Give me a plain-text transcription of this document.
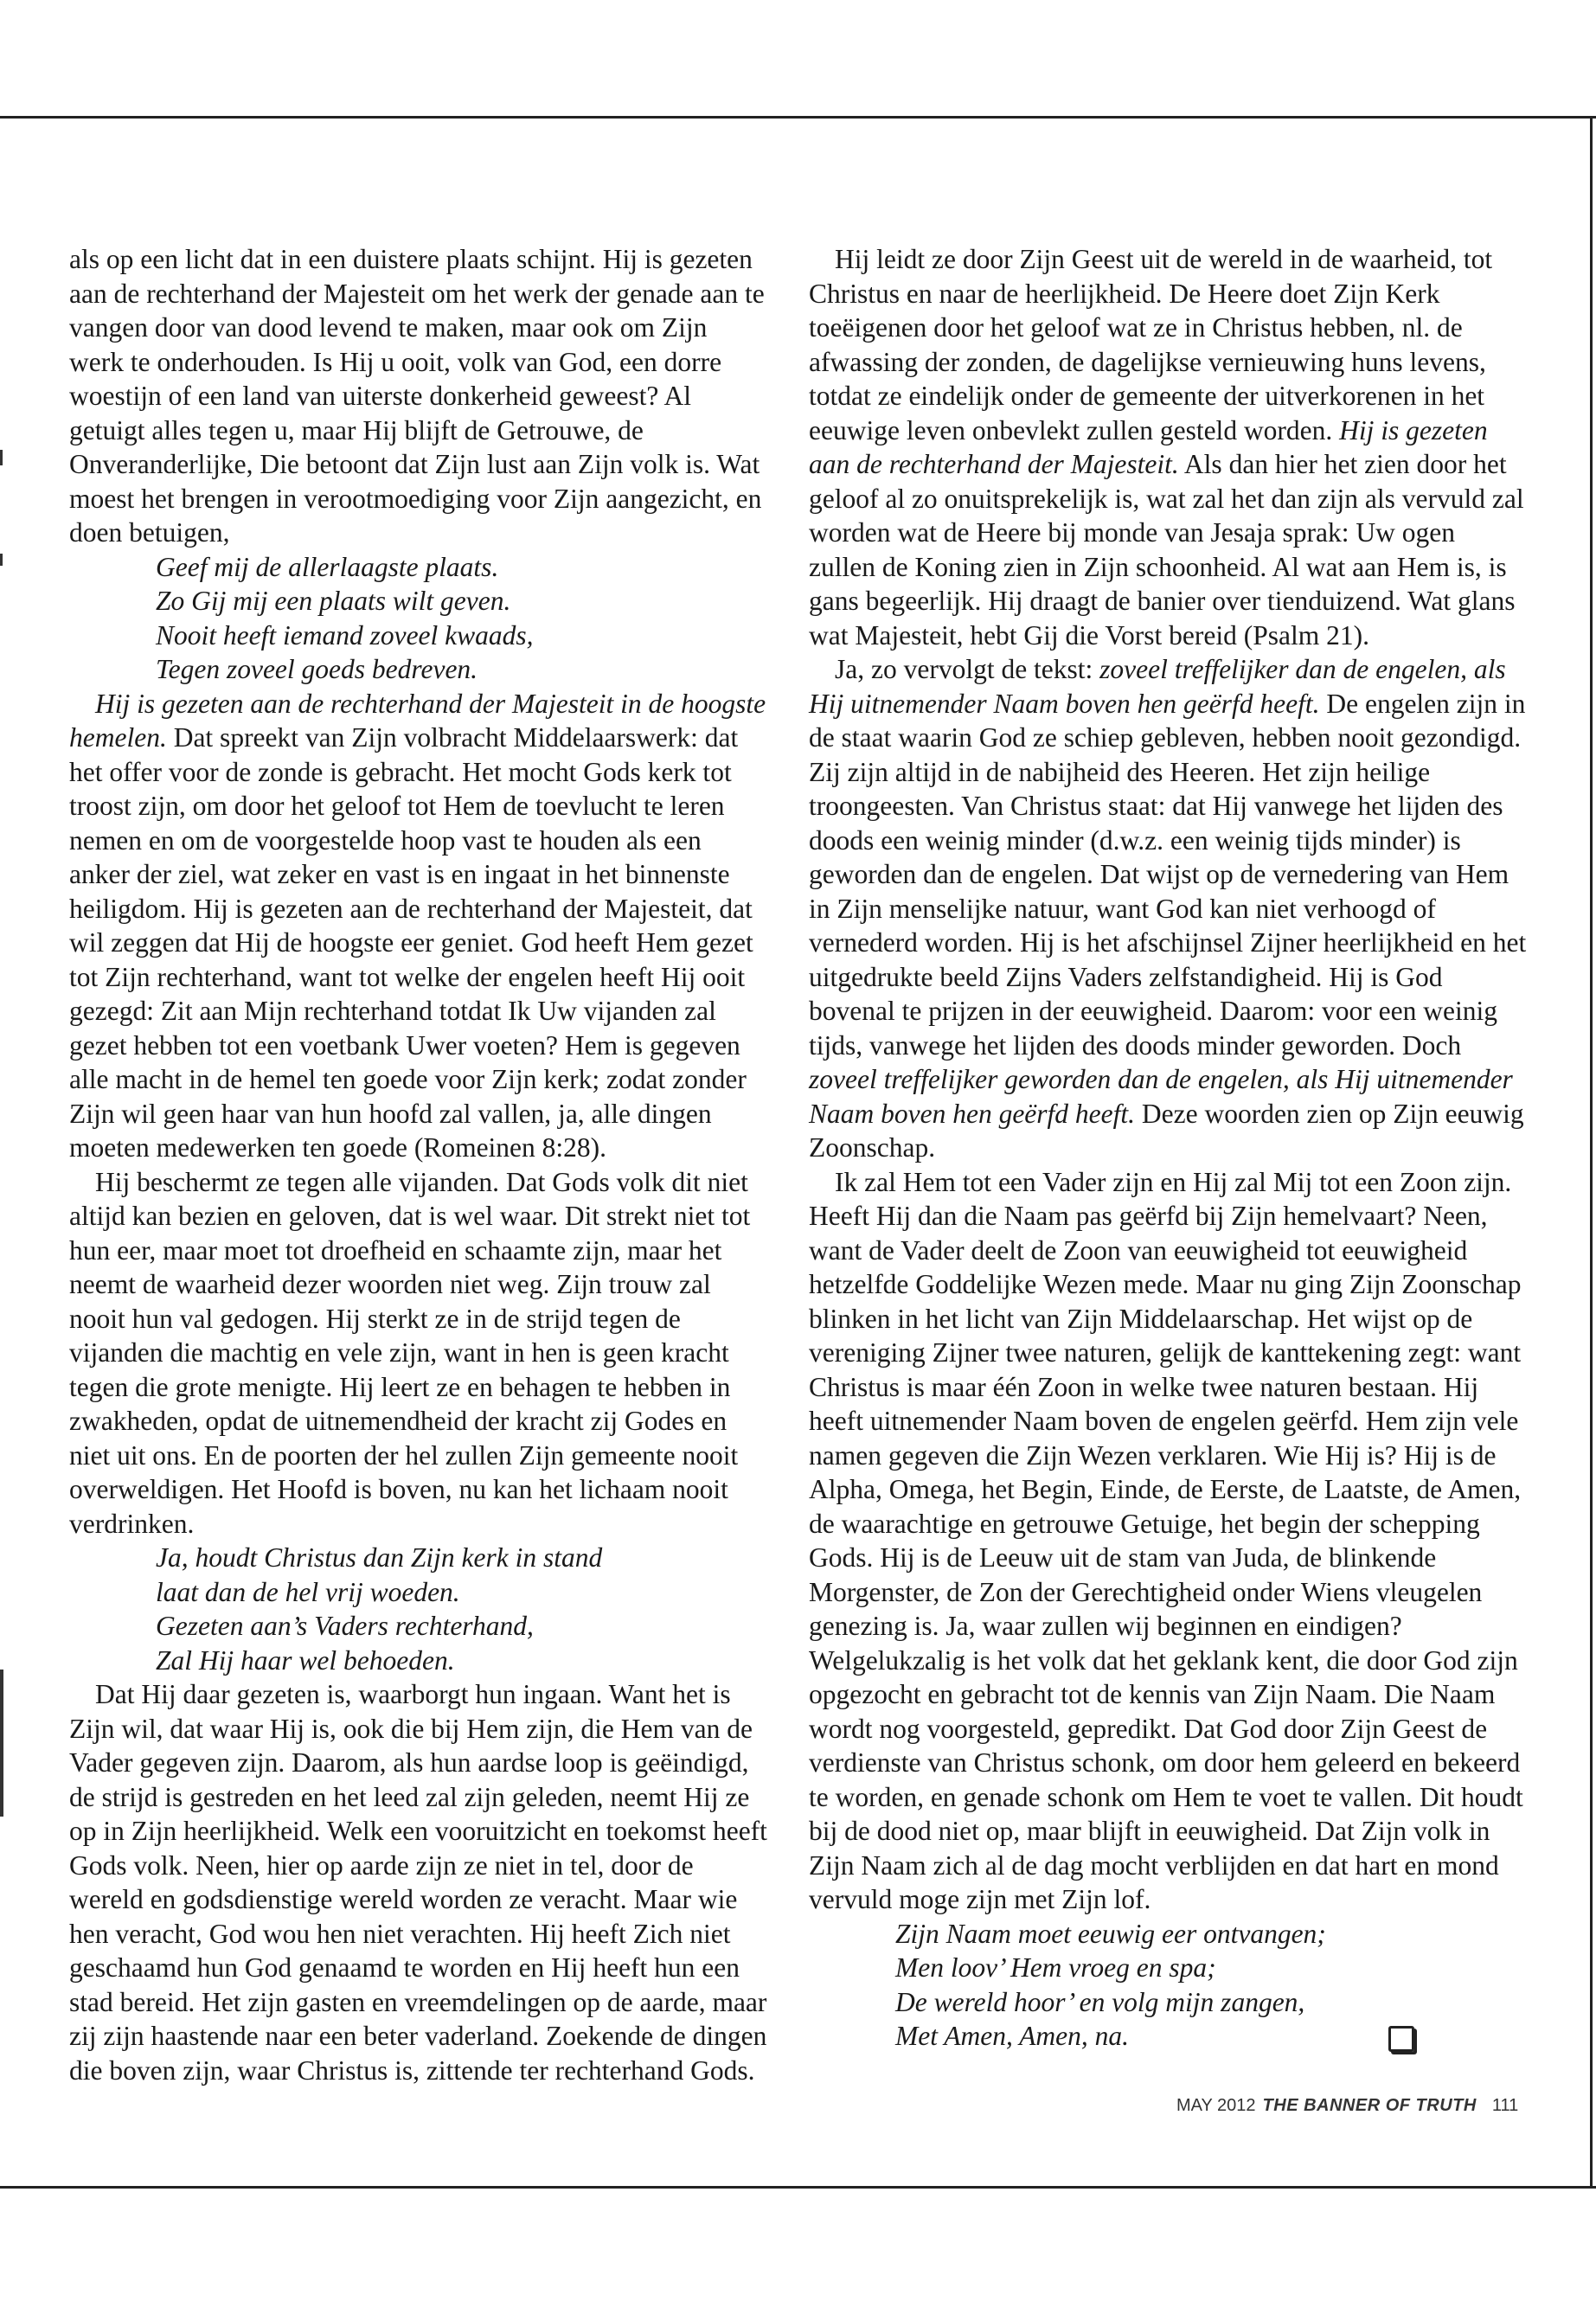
als op een licht dat in een duistere plaats schijnt. Hij is gezeten aan de rechterhand der Majesteit om het werk der genade aan te vangen door van dood levend te maken, maar ook om Zijn werk te onderhouden. Is Hij u ooit, volk van God, een dorre woestijn of een land van uiterste donkerheid geweest? Al getuigt alles tegen u, maar Hij blijft de Getrouwe, de Onveranderlijke, Die betoont dat Zijn lust aan Zijn volk is. Wat moest het brengen in verootmoediging voor Zijn aangezicht, en doen betuigen,

Geef mij de allerlaagste plaats.
Zo Gij mij een plaats wilt geven.
Nooit heeft iemand zoveel kwaads,
Tegen zoveel goeds bedreven.

Hij is gezeten aan de rechterhand der Majesteit in de hoogste hemelen. Dat spreekt van Zijn volbracht Middelaarswerk: dat het offer voor de zonde is gebracht. Het mocht Gods kerk tot troost zijn, om door het geloof tot Hem de toevlucht te leren nemen en om de voorgestelde hoop vast te houden als een anker der ziel, wat zeker en vast is en ingaat in het binnenste heiligdom. Hij is gezeten aan de rechterhand der Majesteit, dat wil zeggen dat Hij de hoogste eer geniet. God heeft Hem gezet tot Zijn rechterhand, want tot welke der engelen heeft Hij ooit gezegd: Zit aan Mijn rechterhand totdat Ik Uw vijanden zal gezet hebben tot een voetbank Uwer voeten? Hem is gegeven alle macht in de hemel ten goede voor Zijn kerk; zodat zonder Zijn wil geen haar van hun hoofd zal vallen, ja, alle dingen moeten medewerken ten goede (Romeinen 8:28).

Hij beschermt ze tegen alle vijanden. Dat Gods volk dit niet altijd kan bezien en geloven, dat is wel waar. Dit strekt niet tot hun eer, maar moet tot droefheid en schaamte zijn, maar het neemt de waarheid dezer woorden niet weg. Zijn trouw zal nooit hun val gedogen. Hij sterkt ze in de strijd tegen de vijanden die machtig en vele zijn, want in hen is geen kracht tegen die grote menigte. Hij leert ze en behagen te hebben in zwakheden, opdat de uitnemendheid der kracht zij Godes en niet uit ons. En de poorten der hel zullen Zijn gemeente nooit overweldigen. Het Hoofd is boven, nu kan het lichaam nooit verdrinken.

Ja, houdt Christus dan Zijn kerk in stand
laat dan de hel vrij woeden.
Gezeten aan’s Vaders rechterhand,
Zal Hij haar wel behoeden.

Dat Hij daar gezeten is, waarborgt hun ingaan. Want het is Zijn wil, dat waar Hij is, ook die bij Hem zijn, die Hem van de Vader gegeven zijn. Daarom, als hun aardse loop is geëindigd, de strijd is gestreden en het leed zal zijn geleden, neemt Hij ze op in Zijn heerlijkheid. Welk een vooruitzicht en toekomst heeft Gods volk. Neen, hier op aarde zijn ze niet in tel, door de wereld en godsdienstige wereld worden ze veracht. Maar wie hen veracht, God wou hen niet verachten. Hij heeft Zich niet geschaamd hun God genaamd te worden en Hij heeft hun een stad bereid. Het zijn gasten en vreemdelingen op de aarde, maar zij zijn haastende naar een beter vaderland. Zoekende de dingen die boven zijn, waar Christus is, zittende ter rechterhand Gods.

Hij leidt ze door Zijn Geest uit de wereld in de waarheid, tot Christus en naar de heerlijkheid. De Heere doet Zijn Kerk toeëigenen door het geloof wat ze in Christus hebben, nl. de afwassing der zonden, de dagelijkse vernieuwing huns levens, totdat ze eindelijk onder de gemeente der uitverkorenen in het eeuwige leven onbevlekt zullen gesteld worden. Hij is gezeten aan de rechterhand der Majesteit. Als dan hier het zien door het geloof al zo onuitsprekelijk is, wat zal het dan zijn als vervuld zal worden wat de Heere bij monde van Jesaja sprak: Uw ogen zullen de Koning zien in Zijn schoonheid. Al wat aan Hem is, is gans begeerlijk. Hij draagt de banier over tienduizend. Wat glans wat Majesteit, hebt Gij die Vorst bereid (Psalm 21).

Ja, zo vervolgt de tekst: zoveel treffelijker dan de engelen, als Hij uitnemender Naam boven hen geërfd heeft. De engelen zijn in de staat waarin God ze schiep gebleven, hebben nooit gezondigd. Zij zijn altijd in de nabijheid des Heeren. Het zijn heilige troongeesten. Van Christus staat: dat Hij vanwege het lijden des doods een weinig minder (d.w.z. een weinig tijds minder) is geworden dan de engelen. Dat wijst op de vernedering van Hem in Zijn menselijke natuur, want God kan niet verhoogd of vernederd worden. Hij is het afschijnsel Zijner heerlijkheid en het uitgedrukte beeld Zijns Vaders zelfstandigheid. Hij is God bovenal te prijzen in der eeuwigheid. Daarom: voor een weinig tijds, vanwege het lijden des doods minder geworden. Doch zoveel treffelijker geworden dan de engelen, als Hij uitnemender Naam boven hen geërfd heeft. Deze woorden zien op Zijn eeuwig Zoonschap.

Ik zal Hem tot een Vader zijn en Hij zal Mij tot een Zoon zijn. Heeft Hij dan die Naam pas geërfd bij Zijn hemelvaart? Neen, want de Vader deelt de Zoon van eeuwigheid tot eeuwigheid hetzelfde Goddelijke Wezen mede. Maar nu ging Zijn Zoonschap blinken in het licht van Zijn Middelaarschap. Het wijst op de vereniging Zijner twee naturen, gelijk de kanttekening zegt: want Christus is maar één Zoon in welke twee naturen bestaan. Hij heeft uitnemender Naam boven de engelen geërfd. Hem zijn vele namen gegeven die Zijn Wezen verklaren. Wie Hij is? Hij is de Alpha, Omega, het Begin, Einde, de Eerste, de Laatste, de Amen, de waarachtige en getrouwe Getuige, het begin der schepping Gods. Hij is de Leeuw uit de stam van Juda, de blinkende Morgenster, de Zon der Gerechtigheid onder Wiens vleugelen genezing is. Ja, waar zullen wij beginnen en eindigen? Welgelukzalig is het volk dat het geklank kent, die door God zijn opgezocht en gebracht tot de kennis van Zijn Naam. Die Naam wordt nog voorgesteld, gepredikt. Dat God door Zijn Geest de verdienste van Christus schonk, om door hem geleerd en bekeerd te worden, en genade schonk om Hem te voet te vallen. Dit houdt bij de dood niet op, maar blijft in eeuwigheid. Dat Zijn volk in Zijn Naam zich al de dag mocht verblijden en dat hart en mond vervuld moge zijn met Zijn lof.

Zijn Naam moet eeuwig eer ontvangen;
Men loov’ Hem vroeg en spa;
De wereld hoor’ en volg mijn zangen,
Met Amen, Amen, na.
MAY 2012 THE BANNER OF TRUTH 111
